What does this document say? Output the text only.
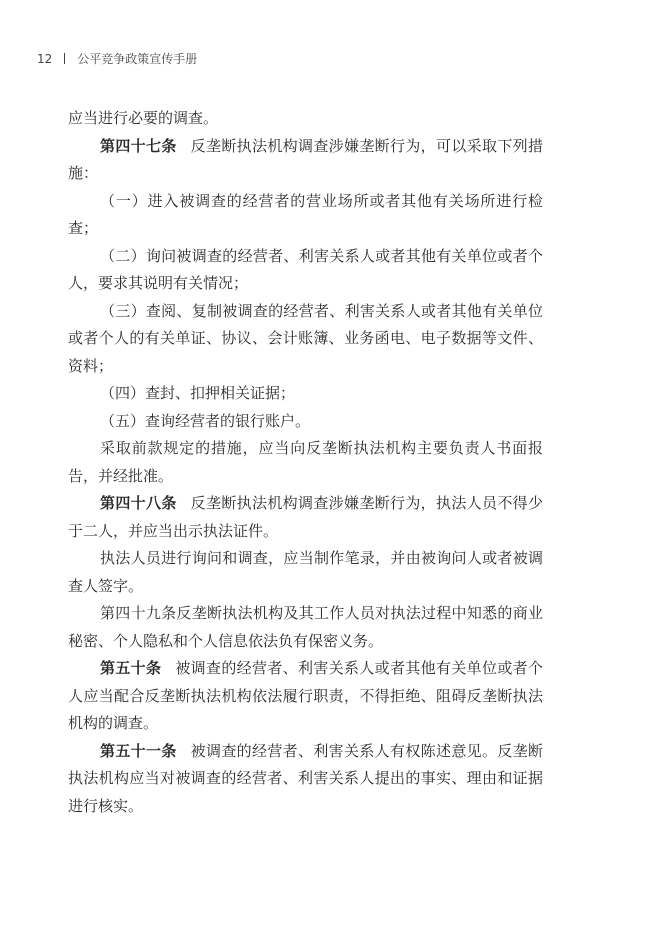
12 公平竞争政策宣传手册

应当进行必要的调查。

第四十七条 反垄断执法机构调查涉嫌垄断行为，可以采取下列措施：

（一）进入被调查的经营者的营业场所或者其他有关场所进行检查；

（二）询问被调查的经营者、利害关系人或者其他有关单位或者个人，要求其说明有关情况；

（三）查阅、复制被调查的经营者、利害关系人或者其他有关单位或者个人的有关单证、协议、会计账簿、业务函电、电子数据等文件、资料；

（四）查封、扣押相关证据；

（五）查询经营者的银行账户。

采取前款规定的措施，应当向反垄断执法机构主要负责人书面报告，并经批准。

第四十八条 反垄断执法机构调查涉嫌垄断行为，执法人员不得少于二人，并应当出示执法证件。

执法人员进行询问和调查，应当制作笔录，并由被询问人或者被调查人签字。

第四十九条反垄断执法机构及其工作人员对执法过程中知悉的商业秘密、个人隐私和个人信息依法负有保密义务。

第五十条 被调查的经营者、利害关系人或者其他有关单位或者个人应当配合反垄断执法机构依法履行职责，不得拒绝、阻碍反垄断执法机构的调查。

第五十一条 被调查的经营者、利害关系人有权陈述意见。反垄断执法机构应当对被调查的经营者、利害关系人提出的事实、理由和证据进行核实。
